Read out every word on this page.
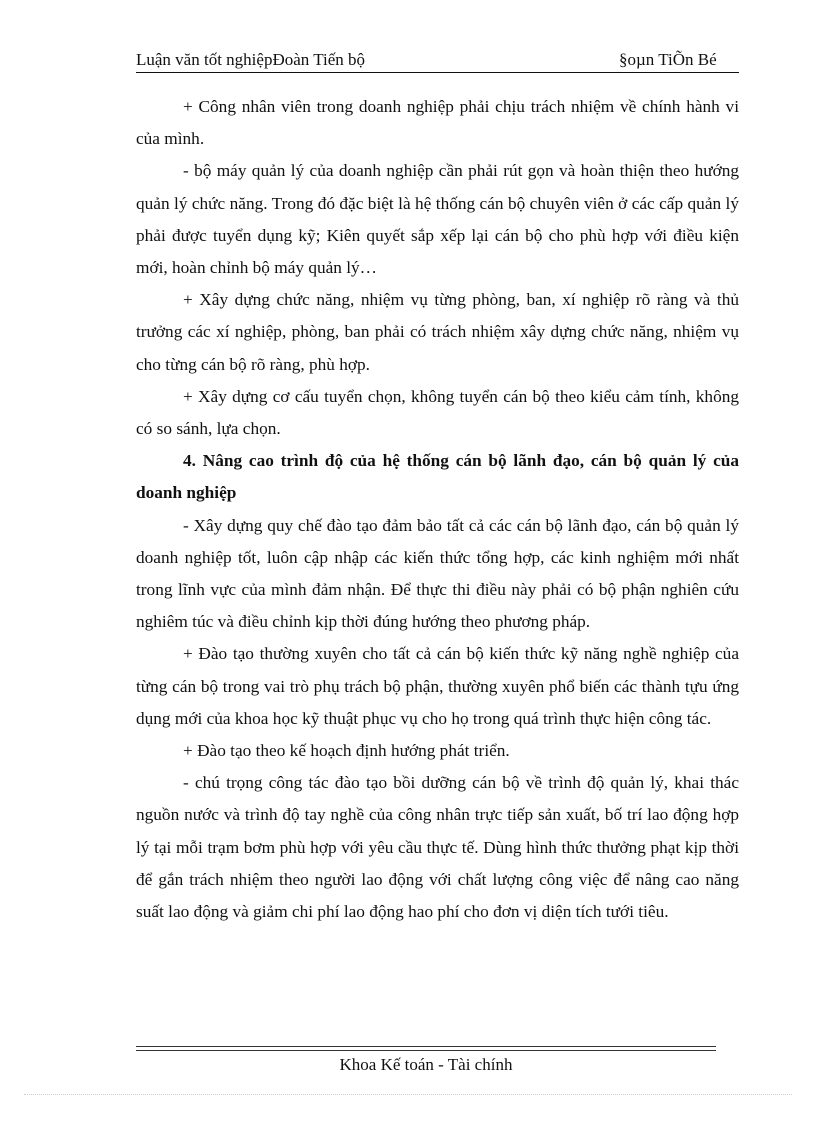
Luận văn tốt nghiệpĐoàn Tiến bộ	§oµn TiÕn Bé

+ Công nhân viên trong doanh nghiệp phải chịu trách nhiệm về chính hành vi của mình.

- bộ máy quản lý của doanh nghiệp cần phải rút gọn và hoàn thiện theo hướng quản lý chức năng. Trong đó đặc biệt là hệ thống cán bộ chuyên viên ở các cấp quản lý phải được tuyển dụng kỹ; Kiên quyết sắp xếp lại cán bộ cho phù hợp với điều kiện mới, hoàn chỉnh bộ máy quản lý…

+ Xây dựng chức năng, nhiệm vụ từng phòng, ban, xí nghiệp rõ ràng và thủ trưởng các xí nghiệp, phòng, ban phải có trách nhiệm xây dựng chức năng, nhiệm vụ cho từng cán bộ rõ ràng, phù hợp.

+ Xây dựng cơ cấu tuyển chọn, không tuyển cán bộ theo kiểu cảm tính, không có so sánh, lựa chọn.

4. Nâng cao trình độ của hệ thống cán bộ lãnh đạo, cán bộ quản lý của doanh nghiệp

- Xây dựng quy chế đào tạo đảm bảo tất cả các cán bộ lãnh đạo, cán bộ quản lý doanh nghiệp tốt, luôn cập nhập các kiến thức tổng hợp, các kinh nghiệm mới nhất trong lĩnh vực của mình đảm nhận. Để thực thi điều này phải có bộ phận nghiên cứu nghiêm túc và điều chỉnh kịp thời đúng hướng theo phương pháp.

+ Đào tạo thường xuyên cho tất cả cán bộ kiến thức kỹ năng nghề nghiệp của từng cán bộ trong vai trò phụ trách bộ phận, thường xuyên phổ biến các thành tựu ứng dụng mới của khoa học kỹ thuật phục vụ cho họ trong quá trình thực hiện công tác.

+ Đào tạo theo kế hoạch định hướng phát triển.

- chú trọng công tác đào tạo bồi dưỡng cán bộ về trình độ quản lý, khai thác nguồn nước và trình độ tay nghề của công nhân trực tiếp sản xuất, bố trí lao động hợp lý tại mỗi trạm bơm phù hợp với yêu cầu thực tế. Dùng hình thức thưởng phạt kịp thời để gắn trách nhiệm theo người lao động với chất lượng công việc để nâng cao năng suất lao động và giảm chi phí lao động hao phí cho đơn vị diện tích tưới tiêu.

Khoa Kế toán - Tài chính
